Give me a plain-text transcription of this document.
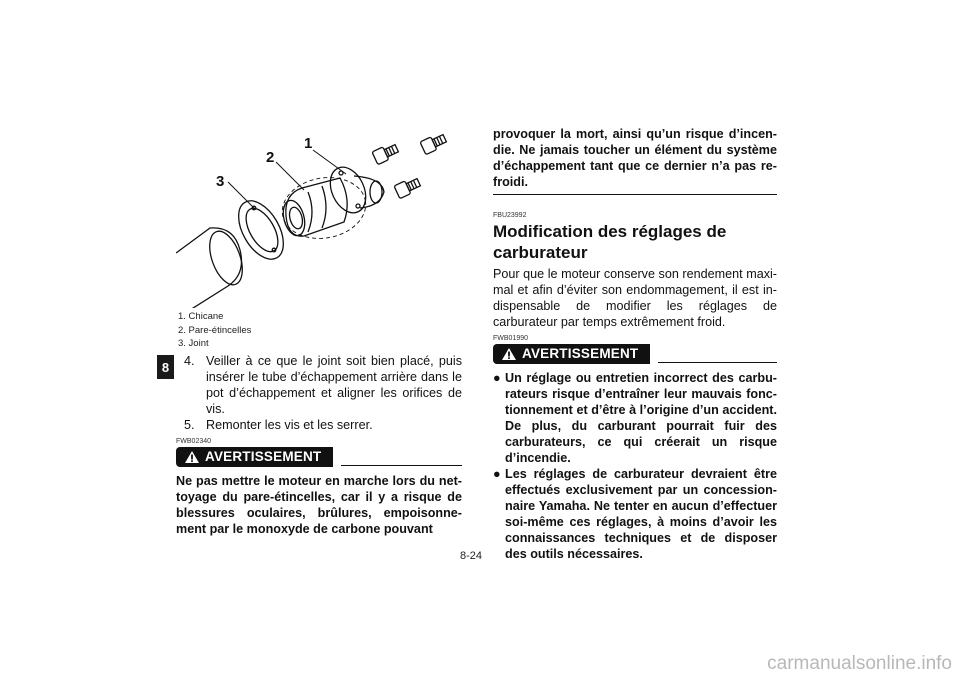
8
1
2
3
1. Chicane
2. Pare-étincelles
3. Joint
4. Veiller à ce que le joint soit bien placé, puis insérer le tube d’échappement arrière dans le pot d’échappement et aligner les orifices de vis.
5. Remonter les vis et les serrer.
FWB02340
AVERTISSEMENT
Ne pas mettre le moteur en marche lors du nettoyage du pare-étincelles, car il y a risque de blessures oculaires, brûlures, empoisonnement par le monoxyde de carbone pouvant
provoquer la mort, ainsi qu’un risque d’incendie. Ne jamais toucher un élément du système d’échappement tant que ce dernier n’a pas refroidi.
FBU23992
Modification des réglages de carburateur
Pour que le moteur conserve son rendement maximal et afin d’éviter son endommagement, il est indispensable de modifier les réglages de carburateur par temps extrêmement froid.
FWB01990
AVERTISSEMENT
● Un réglage ou entretien incorrect des carburateurs risque d’entraîner leur mauvais fonctionnement et d’être à l’origine d’un accident. De plus, du carburant pourrait fuir des carburateurs, ce qui créerait un risque d’incendie.
● Les réglages de carburateur devraient être effectués exclusivement par un concessionnaire Yamaha. Ne tenter en aucun d’effectuer soi-même ces réglages, à moins d’avoir les connaissances techniques et de disposer des outils nécessaires.
8-24
carmanualsonline.info
